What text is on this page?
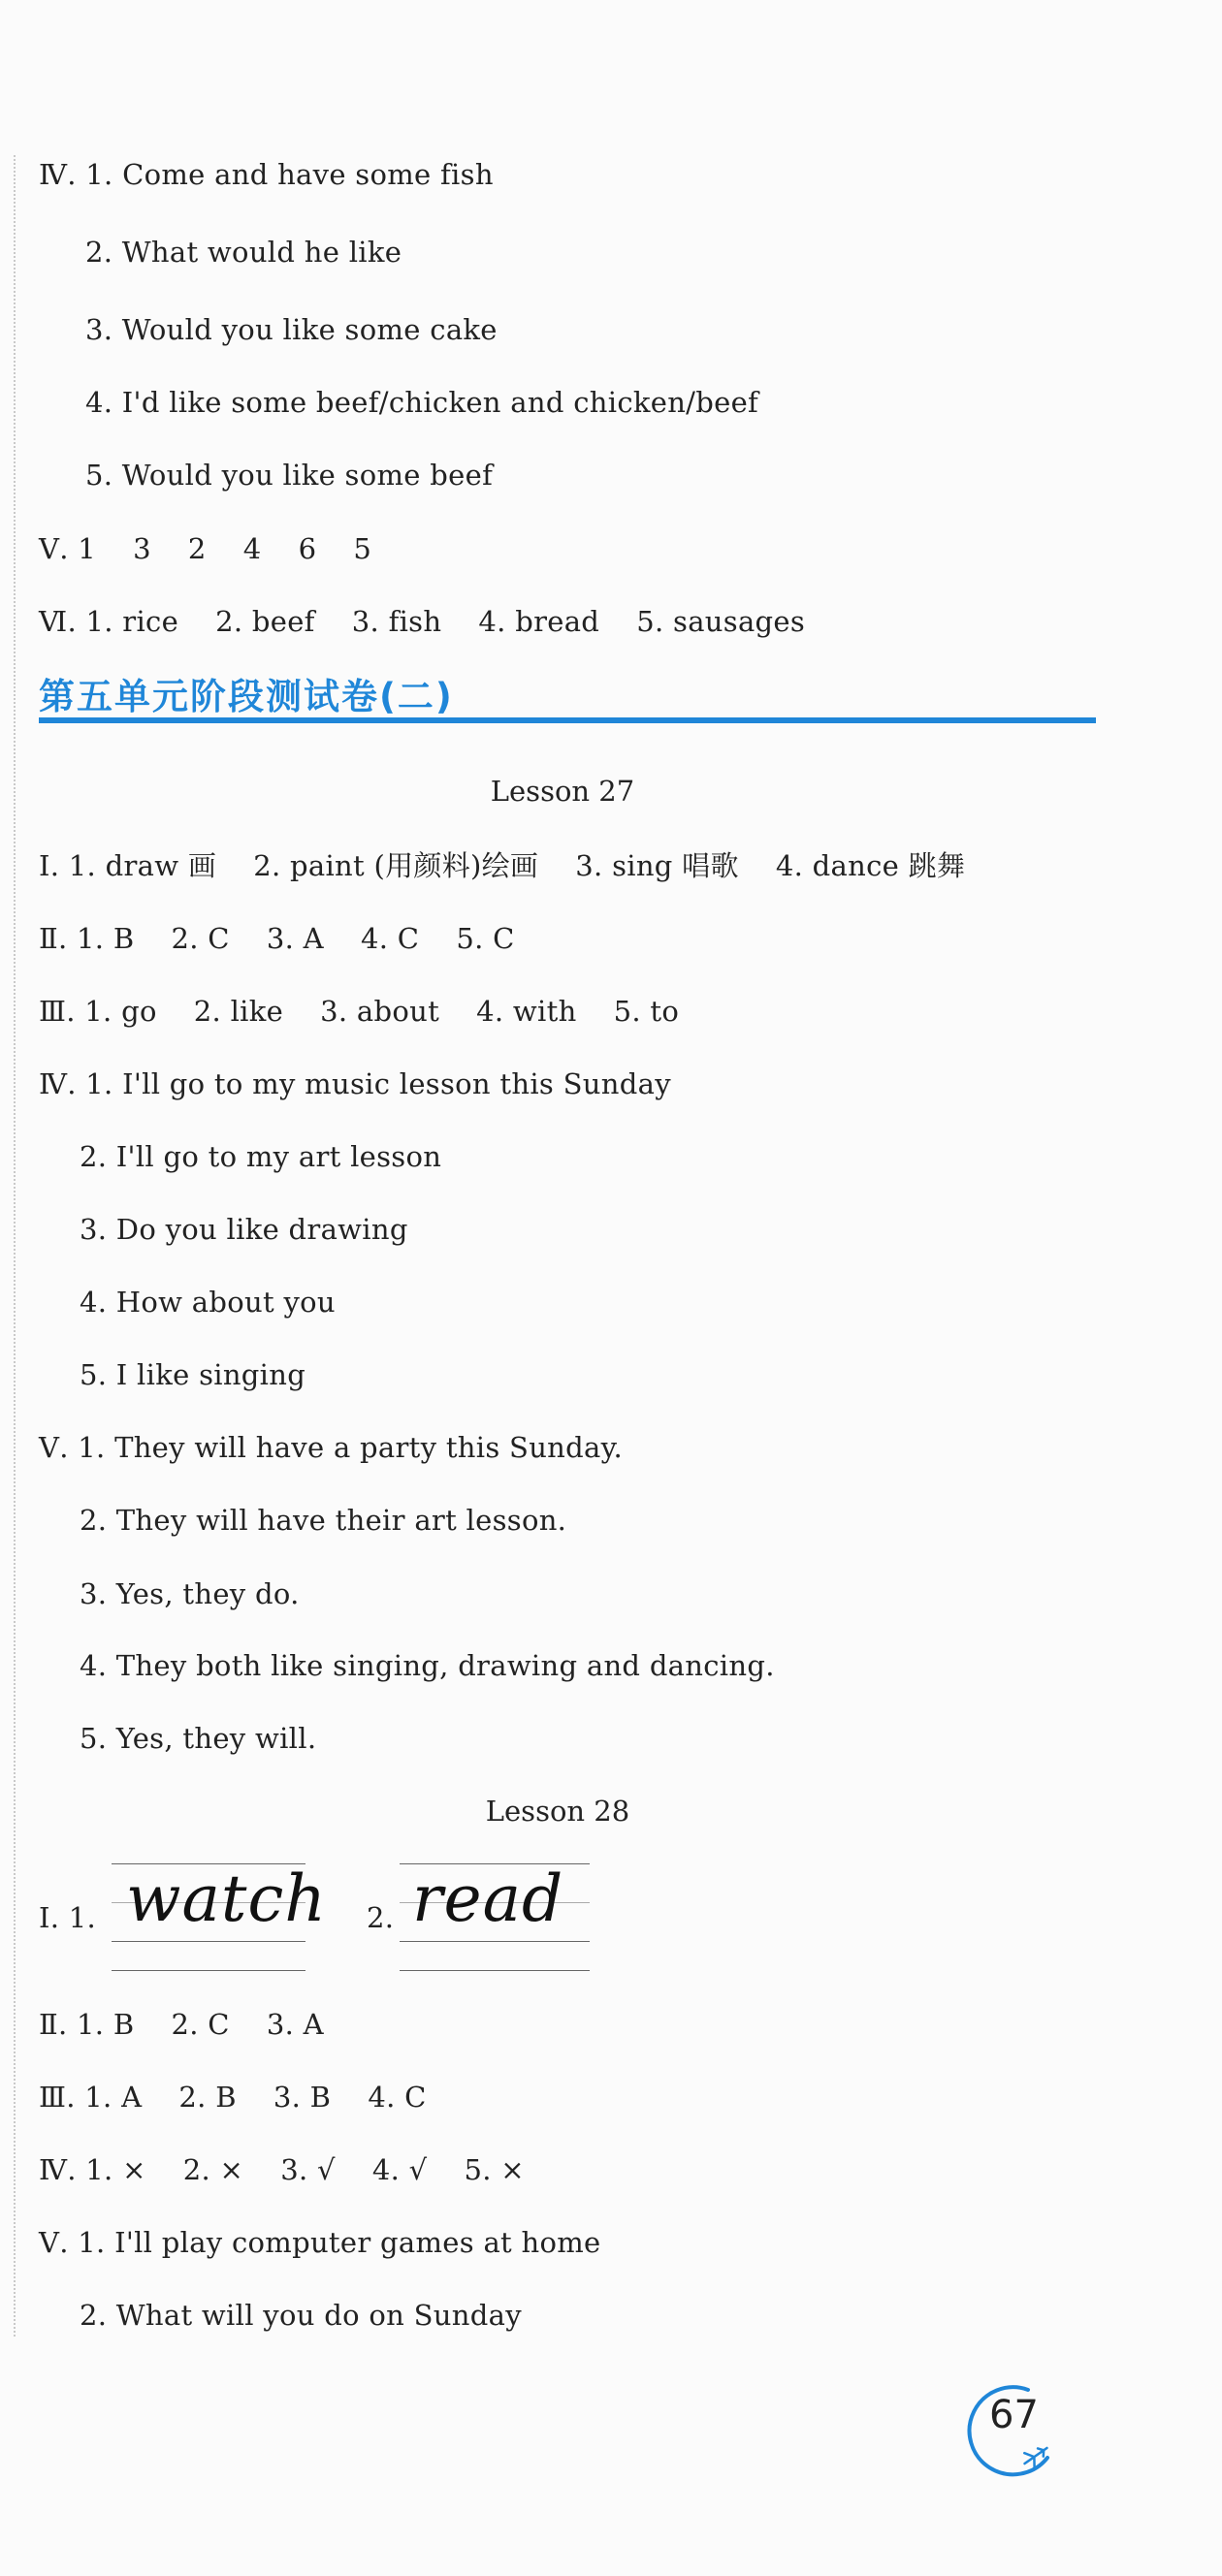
Ⅳ. 1. Come and have some fish
2. What would he like
3. Would you like some cake
4. I'd like some beef/chicken and chicken/beef
5. Would you like some beef
Ⅴ. 1    3    2    4    6    5
Ⅵ. 1. rice    2. beef    3. fish    4. bread    5. sausages
第五单元阶段测试卷(二)
Lesson 27
Ⅰ. 1. draw 画    2. paint (用颜料)绘画    3. sing 唱歌    4. dance 跳舞
Ⅱ. 1. B    2. C    3. A    4. C    5. C
Ⅲ. 1. go    2. like    3. about    4. with    5. to
Ⅳ. 1. I'll go to my music lesson this Sunday
2. I'll go to my art lesson
3. Do you like drawing
4. How about you
5. I like singing
Ⅴ. 1. They will have a party this Sunday.
2. They will have their art lesson.
3. Yes, they do.
4. They both like singing, drawing and dancing.
5. Yes, they will.
Lesson 28
Ⅰ. 1. watch 2. read
Ⅱ. 1. B    2. C    3. A
Ⅲ. 1. A    2. B    3. B    4. C
Ⅳ. 1. ×    2. ×    3. √    4. √    5. ×
Ⅴ. 1. I'll play computer games at home
2. What will you do on Sunday
67
